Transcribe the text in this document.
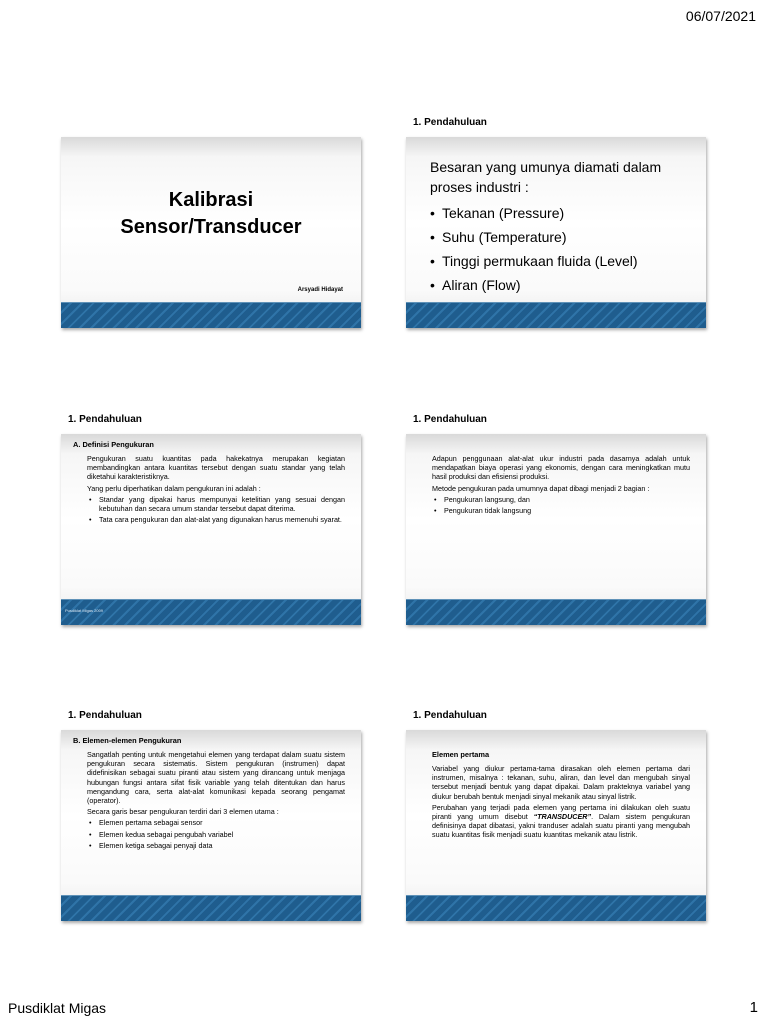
06/07/2021
Kalibrasi
Sensor/Transducer
Arsyadi Hidayat
1. Pendahuluan
Besaran yang umunya diamati dalam proses industri :
• Tekanan (Pressure)
• Suhu (Temperature)
• Tinggi permukaan fluida (Level)
• Aliran (Flow)
1. Pendahuluan
A. Definisi Pengukuran

Pengukuran suatu kuantitas pada hakekatnya merupakan kegiatan membandingkan antara kuantitas tersebut dengan suatu standar yang telah diketahui karakteristiknya.

Yang perlu diperhatikan dalam pengukuran ini adalah :

• Standar yang dipakai harus mempunyai ketelitian yang sesuai dengan kebutuhan dan secara umum standar tersebut dapat diterima.
• Tata cara pengukuran dan alat-alat yang digunakan harus memenuhi syarat.
Pusdiklat Migas 2009
1. Pendahuluan

Adapun penggunaan alat-alat ukur industri pada dasarnya adalah untuk mendapatkan biaya operasi yang ekonomis, dengan cara meningkatkan mutu hasil produksi dan efisiensi produksi.

Metode pengukuran pada umumnya dapat dibagi menjadi 2 bagian :

• Pengukuran langsung, dan
• Pengukuran tidak langsung
1. Pendahuluan
B. Elemen-elemen Pengukuran

Sangatlah penting untuk mengetahui elemen yang terdapat dalam suatu sistem pengukuran secara sistematis. Sistem pengukuran (instrumen) dapat didefinisikan sebagai suatu piranti atau sistem yang dirancang untuk menjaga hubungan fungsi antara sifat fisik variable yang telah ditentukan dan harus mengandung cara, serta alat-alat komunikasi kepada seorang pengamat (operator).

Secara garis besar pengukuran terdiri dari 3 elemen utama :

• Elemen pertama sebagai sensor
• Elemen kedua sebagai pengubah variabel
• Elemen ketiga sebagai penyaji data
1. Pendahuluan
Elemen pertama

Variabel yang diukur pertama-tama dirasakan oleh elemen pertama dari instrumen, misalnya : tekanan, suhu, aliran, dan level dan mengubah sinyal tersebut menjadi bentuk yang dapat dipakai. Dalam prakteknya variabel yang diukur berubah bentuk menjadi sinyal mekanik atau sinyal listrik.

Perubahan yang terjadi pada elemen yang pertama ini dilakukan oleh suatu piranti yang umum disebut “TRANSDUCER”. Dalam sistem pengukuran definisinya dapat dibatasi, yakni tranduser adalah suatu piranti yang mengubah suatu kuantitas fisik menjadi suatu kuantitas mekanik atau listrik.

Pusdiklat Migas	1
